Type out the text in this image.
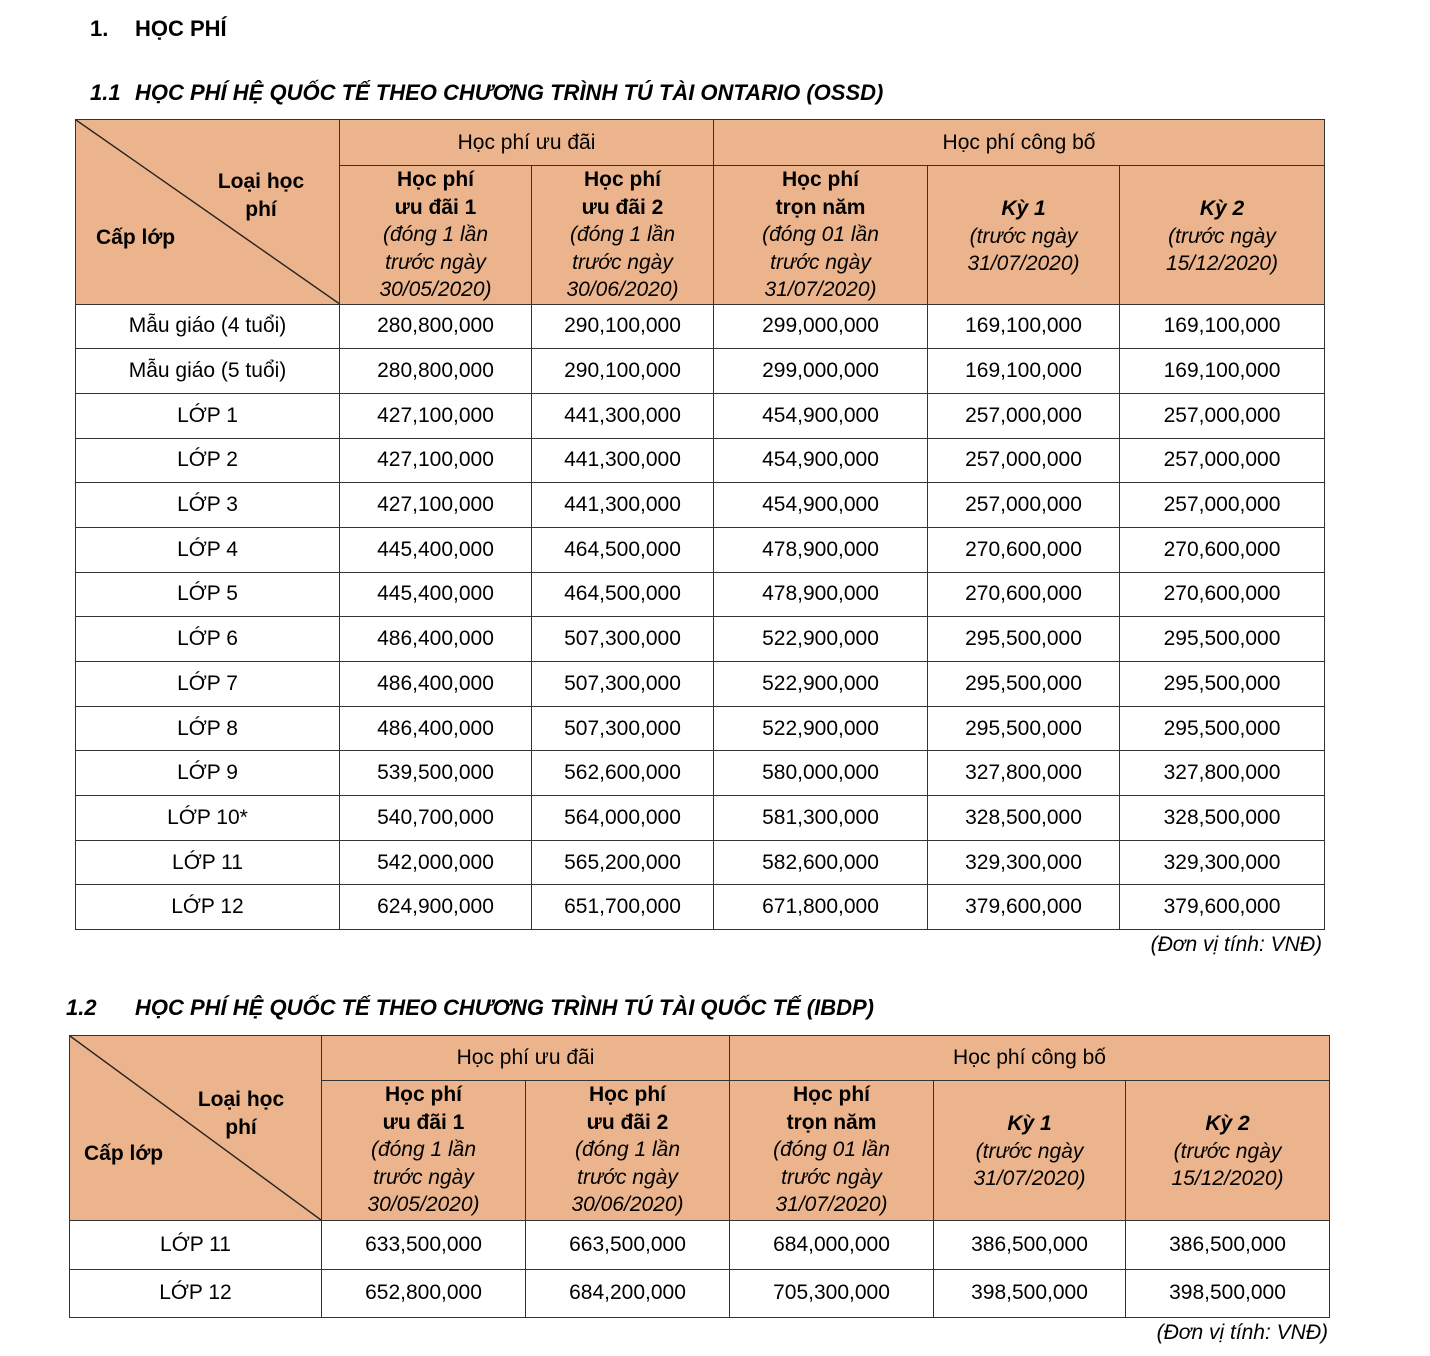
1. HỌC PHÍ
1.1 HỌC PHÍ HỆ QUỐC TẾ THEO CHƯƠNG TRÌNH TÚ TÀI ONTARIO (OSSD)
Loại học
phí
Cấp lớp	Học phí ưu đãi		Học phí công bố		

	Học phí
ưu đãi 1
(đóng 1 lần
trước ngày
30/05/2020)	Học phí
ưu đãi 2
(đóng 1 lần
trước ngày
30/06/2020)	Học phí
trọn năm
(đóng 01 lần
trước ngày
31/07/2020)	Kỳ 1
(trước ngày
31/07/2020)	Kỳ 2
(trước ngày
15/12/2020)

Mẫu giáo (4 tuổi)	280,800,000	290,100,000	299,000,000	169,100,000	169,100,000
Mẫu giáo (5 tuổi)	280,800,000	290,100,000	299,000,000	169,100,000	169,100,000
LỚP 1	427,100,000	441,300,000	454,900,000	257,000,000	257,000,000
LỚP 2	427,100,000	441,300,000	454,900,000	257,000,000	257,000,000
LỚP 3	427,100,000	441,300,000	454,900,000	257,000,000	257,000,000
LỚP 4	445,400,000	464,500,000	478,900,000	270,600,000	270,600,000
LỚP 5	445,400,000	464,500,000	478,900,000	270,600,000	270,600,000
LỚP 6	486,400,000	507,300,000	522,900,000	295,500,000	295,500,000
LỚP 7	486,400,000	507,300,000	522,900,000	295,500,000	295,500,000
LỚP 8	486,400,000	507,300,000	522,900,000	295,500,000	295,500,000
LỚP 9	539,500,000	562,600,000	580,000,000	327,800,000	327,800,000
LỚP 10*	540,700,000	564,000,000	581,300,000	328,500,000	328,500,000
LỚP 11	542,000,000	565,200,000	582,600,000	329,300,000	329,300,000
LỚP 12	624,900,000	651,700,000	671,800,000	379,600,000	379,600,000
(Đơn vị tính: VNĐ)
1.2 HỌC PHÍ HỆ QUỐC TẾ THEO CHƯƠNG TRÌNH TÚ TÀI QUỐC TẾ (IBDP)
Loại học
phí
Cấp lớp	Học phí ưu đãi		Học phí công bố		

	Học phí
ưu đãi 1
(đóng 1 lần
trước ngày
30/05/2020)	Học phí
ưu đãi 2
(đóng 1 lần
trước ngày
30/06/2020)	Học phí
trọn năm
(đóng 01 lần
trước ngày
31/07/2020)	Kỳ 1
(trước ngày
31/07/2020)	Kỳ 2
(trước ngày
15/12/2020)

LỚP 11	633,500,000	663,500,000	684,000,000	386,500,000	386,500,000
LỚP 12	652,800,000	684,200,000	705,300,000	398,500,000	398,500,000
(Đơn vị tính: VNĐ)
